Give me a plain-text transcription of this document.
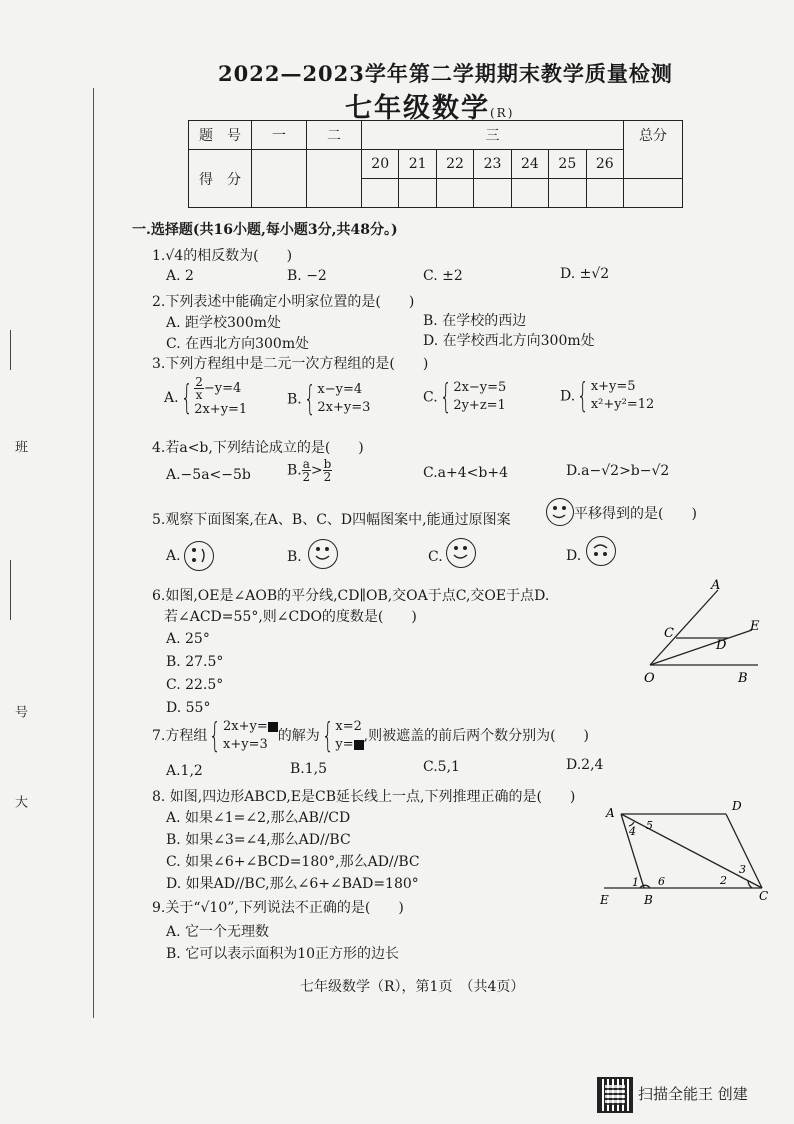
班
号
大
2022—2023学年第二学期期末教学质量检测
七年级数学(R)
题　号	一	二	三							总分
得　分			20	21	22	23	24	25	26	

一.选择题(共16小题,每小题3分,共48分。)
1.√4的相反数为(　　)
A. 2	B. −2	C. ±2	D. ±√2
2.下列表述中能确定小明家位置的是(　　)
A. 距学校300m处	B. 在学校的西边
C. 在西北方向300m处	D. 在学校西北方向300m处
3.下列方程组中是二元一次方程组的是(　　)
$A.\{ \frac{2}{x} -y=4$
2x+y=1
B.{ x−y=4
2x+y=3
C.{ 2x−y=5
2y+z=1
D.{ x+y=5
x²+y²=12
4.若a<b,下列结论成立的是(　　)
A.−5a<−5b	B. $\frac{a}{2} > \frac{b}{2}$	C.a+4<b+4	D.a−√2>b−√2
5.观察下面图案,在A、B、C、D四幅图案中,能通过原图案	平移得到的是(　　)
A.	B.	C.	D.
6.如图,OE是∠AOB的平分线,CD∥OB,交OA于点C,交OE于点D.
若∠ACD=55°,则∠CDO的度数是(　　)
A. 25°
B. 27.5°
C. 22.5°
D. 55°
A
E
C
D
O	B
7.方程组{ 2x+y=
x+y=3
的解为{ x=2
y=
,则被遮盖的前后两个数分别为(　　)
A.1,2	B.1,5	C.5,1	D.2,4
8. 如图,四边形ABCD,E是CB延长线上一点,下列推理正确的是(　　)
A. 如果∠1=∠2,那么AB//CD
B. 如果∠3=∠4,那么AD//BC
C. 如果∠6+∠BCD=180°,那么AD//BC
D. 如果AD//BC,那么∠6+∠BAD=180°
A	D
4 5
3
1 6	2
E	B	C
9.关于“√10”,下列说法不正确的是(　　)
A. 它一个无理数
B. 它可以表示面积为10正方形的边长
七年级数学（R），第1页　（共4页）
扫描全能王 创建
